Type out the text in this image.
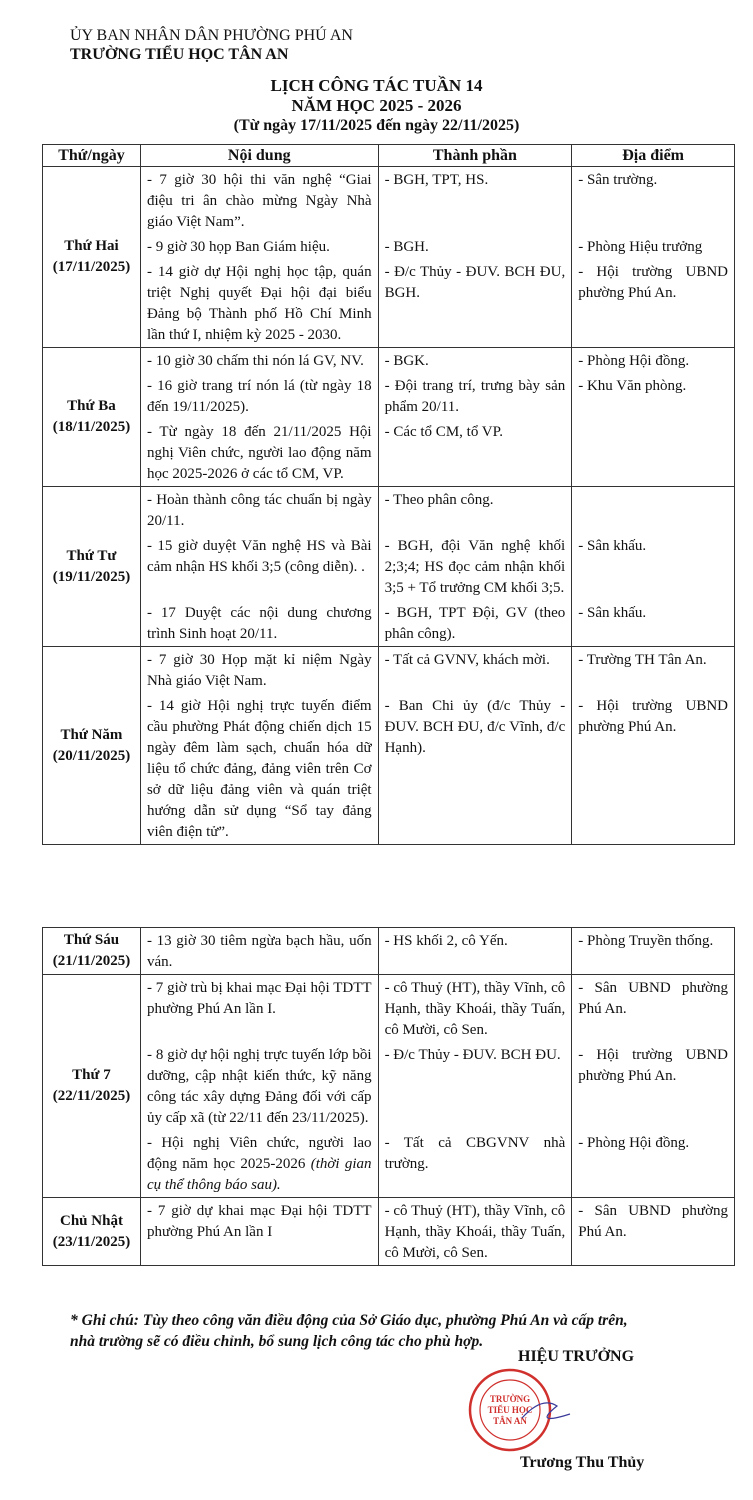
ỦY BAN NHÂN DÂN PHƯỜNG PHÚ AN
TRƯỜNG TIỂU HỌC TÂN AN
LỊCH CÔNG TÁC TUẦN 14
NĂM HỌC 2025 - 2026
(Từ ngày 17/11/2025 đến ngày 22/11/2025)
Thứ/ngày	Nội dung	Thành phần	Địa điểm

Thứ Hai
(17/11/2025)	- 7 giờ 30 hội thi văn nghệ “Giai điệu tri ân chào mừng Ngày Nhà giáo Việt Nam”.	- BGH, TPT, HS.	- Sân trường.
	- 9 giờ 30 họp Ban Giám hiệu.	- BGH.	- Phòng Hiệu trưởng
	- 14 giờ dự Hội nghị học tập, quán triệt Nghị quyết Đại hội đại biểu Đảng bộ Thành phố Hồ Chí Minh lần thứ I, nhiệm kỳ 2025 - 2030.	- Đ/c Thủy - ĐUV. BCH ĐU, BGH.	- Hội trường UBND phường Phú An.

Thứ Ba
(18/11/2025)	- 10 giờ 30 chấm thi nón lá GV, NV.	- BGK.	- Phòng Hội đồng.
	- 16 giờ trang trí nón lá (từ ngày 18 đến 19/11/2025).	- Đội trang trí, trưng bày sản phẩm 20/11.	- Khu Văn phòng.
	- Từ ngày 18 đến 21/11/2025 Hội nghị Viên chức, người lao động năm học 2025-2026 ở các tổ CM, VP.	- Các tổ CM, tổ VP.	

Thứ Tư
(19/11/2025)	- Hoàn thành công tác chuẩn bị ngày 20/11.	- Theo phân công.	
	- 15 giờ duyệt Văn nghệ HS và Bài cảm nhận HS khối 3;5 (công diễn). .	- BGH, đội Văn nghệ khối 2;3;4; HS đọc cảm nhận khối 3;5 + Tổ trưởng CM khối 3;5.	- Sân khấu.
	- 17 Duyệt các nội dung chương trình Sinh hoạt 20/11.	- BGH, TPT Đội, GV (theo phân công).	- Sân khấu.

Thứ Năm
(20/11/2025)	- 7 giờ 30 Họp mặt kỉ niệm Ngày Nhà giáo Việt Nam.	- Tất cả GVNV, khách mời.	- Trường TH Tân An.
	- 14 giờ Hội nghị trực tuyến điểm cầu phường Phát động chiến dịch 15 ngày đêm làm sạch, chuẩn hóa dữ liệu tổ chức đảng, đảng viên trên Cơ sở dữ liệu đảng viên và quán triệt hướng dẫn sử dụng “Sổ tay đảng viên điện tử”.	- Ban Chi ủy (đ/c Thủy - ĐUV. BCH ĐU, đ/c Vĩnh, đ/c Hạnh).	- Hội trường UBND phường Phú An.
Thứ Sáu
(21/11/2025)	- 13 giờ 30 tiêm ngừa bạch hầu, uốn ván.	- HS khối 2, cô Yến.	- Phòng Truyền thống.

Thứ 7
(22/11/2025)	- 7 giờ trù bị khai mạc Đại hội TDTT phường Phú An lần I.	- cô Thuỷ (HT), thầy Vĩnh, cô Hạnh, thầy Khoái, thầy Tuấn, cô Mười, cô Sen.	- Sân UBND phường Phú An.
	- 8 giờ dự hội nghị trực tuyến lớp bồi dưỡng, cập nhật kiến thức, kỹ năng công tác xây dựng Đảng đối với cấp ủy cấp xã (từ 22/11 đến 23/11/2025).	- Đ/c Thủy - ĐUV. BCH ĐU.	- Hội trường UBND phường Phú An.
	- Hội nghị Viên chức, người lao động năm học 2025-2026 (thời gian cụ thể thông báo sau).	- Tất cả CBGVNV nhà trường.	- Phòng Hội đồng.

Chủ Nhật
(23/11/2025)	- 7 giờ dự khai mạc Đại hội TDTT phường Phú An lần I	- cô Thuỷ (HT), thầy Vĩnh, cô Hạnh, thầy Khoái, thầy Tuấn, cô Mười, cô Sen.	- Sân UBND phường Phú An.
* Ghi chú: Tùy theo công văn điều động của Sở Giáo dục, phường Phú An và cấp trên,
nhà trường sẽ có điều chỉnh, bổ sung lịch công tác cho phù hợp.
HIỆU TRƯỞNG
TRƯỜNG
TIỂU HỌC
TÂN AN
Trương Thu Thủy
